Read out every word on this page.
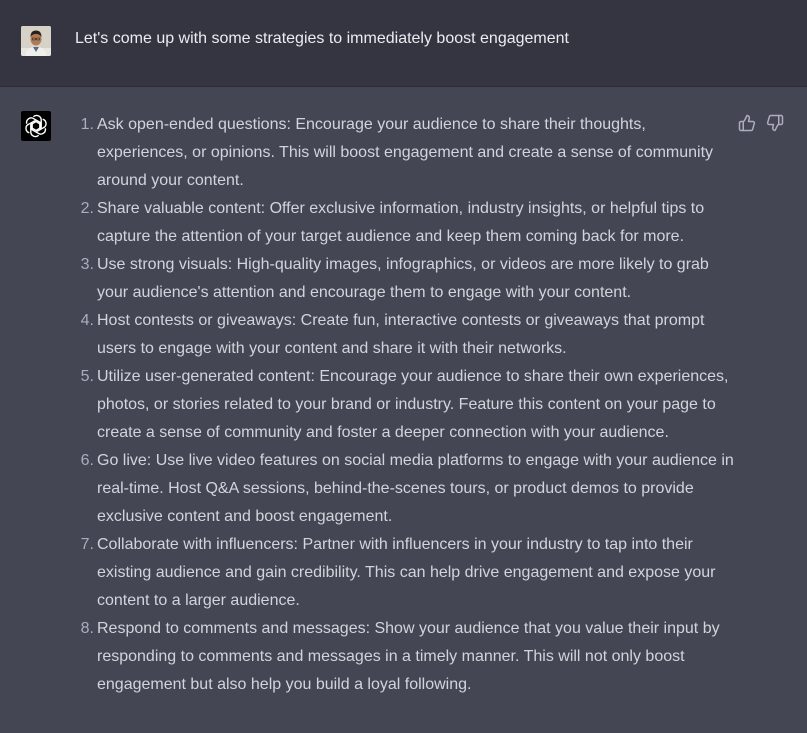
Let's come up with some strategies to immediately boost engagement
1. Ask open-ended questions: Encourage your audience to share their thoughts, experiences, or opinions. This will boost engagement and create a sense of community around your content.
2. Share valuable content: Offer exclusive information, industry insights, or helpful tips to capture the attention of your target audience and keep them coming back for more.
3. Use strong visuals: High-quality images, infographics, or videos are more likely to grab your audience's attention and encourage them to engage with your content.
4. Host contests or giveaways: Create fun, interactive contests or giveaways that prompt users to engage with your content and share it with their networks.
5. Utilize user-generated content: Encourage your audience to share their own experiences, photos, or stories related to your brand or industry. Feature this content on your page to create a sense of community and foster a deeper connection with your audience.
6. Go live: Use live video features on social media platforms to engage with your audience in real-time. Host Q&A sessions, behind-the-scenes tours, or product demos to provide exclusive content and boost engagement.
7. Collaborate with influencers: Partner with influencers in your industry to tap into their existing audience and gain credibility. This can help drive engagement and expose your content to a larger audience.
8. Respond to comments and messages: Show your audience that you value their input by responding to comments and messages in a timely manner. This will not only boost engagement but also help you build a loyal following.
